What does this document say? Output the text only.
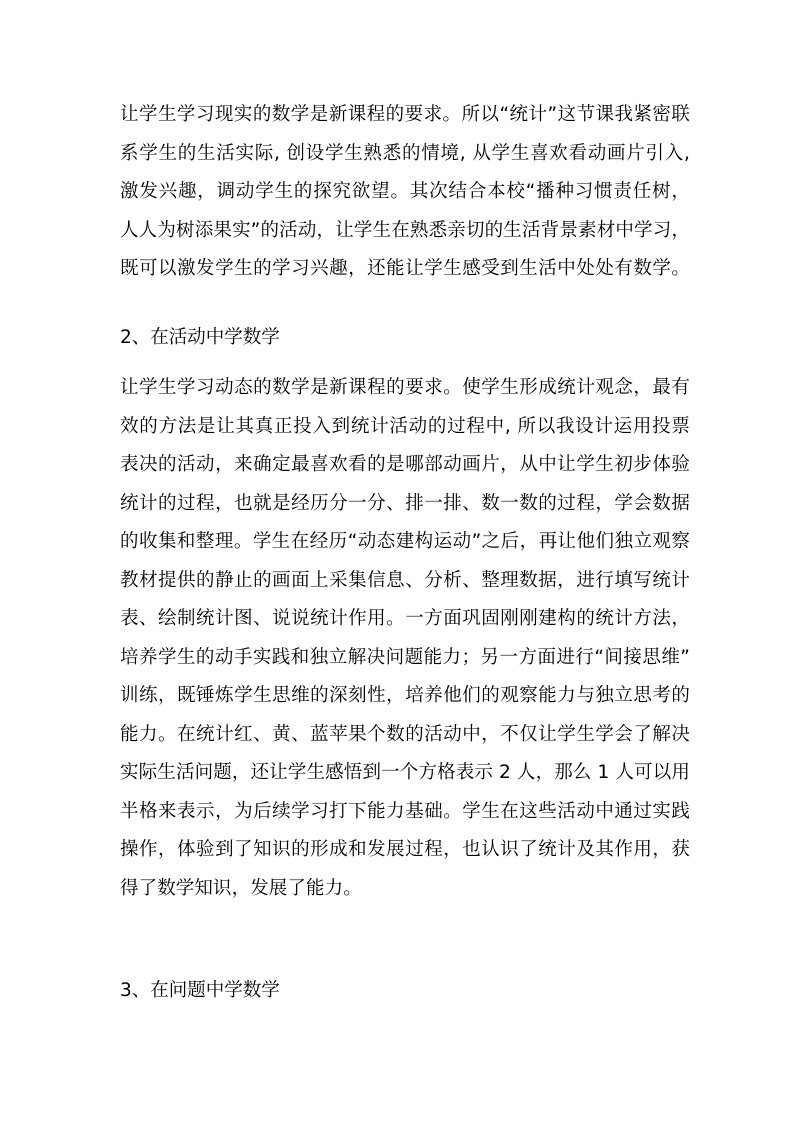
让学生学习现实的数学是新课程的要求。所以“统计”这节课我紧密联
系学生的生活实际, 创设学生熟悉的情境, 从学生喜欢看动画片引入,
激发兴趣，调动学生的探究欲望。其次结合本校“播种习惯责任树，
人人为树添果实”的活动，让学生在熟悉亲切的生活背景素材中学习，
既可以激发学生的学习兴趣，还能让学生感受到生活中处处有数学。
2、在活动中学数学
让学生学习动态的数学是新课程的要求。使学生形成统计观念，最有
效的方法是让其真正投入到统计活动的过程中, 所以我设计运用投票
表决的活动，来确定最喜欢看的是哪部动画片，从中让学生初步体验
统计的过程，也就是经历分一分、排一排、数一数的过程，学会数据
的收集和整理。学生在经历“动态建构运动”之后，再让他们独立观察
教材提供的静止的画面上采集信息、分析、整理数据，进行填写统计
表、绘制统计图、说说统计作用。一方面巩固刚刚建构的统计方法，
培养学生的动手实践和独立解决问题能力；另一方面进行“间接思维”
训练，既锤炼学生思维的深刻性，培养他们的观察能力与独立思考的
能力。在统计红、黄、蓝苹果个数的活动中，不仅让学生学会了解决
实际生活问题，还让学生感悟到一个方格表示 2 人，那么 1 人可以用
半格来表示，为后续学习打下能力基础。学生在这些活动中通过实践
操作，体验到了知识的形成和发展过程，也认识了统计及其作用，获
得了数学知识，发展了能力。
3、在问题中学数学
